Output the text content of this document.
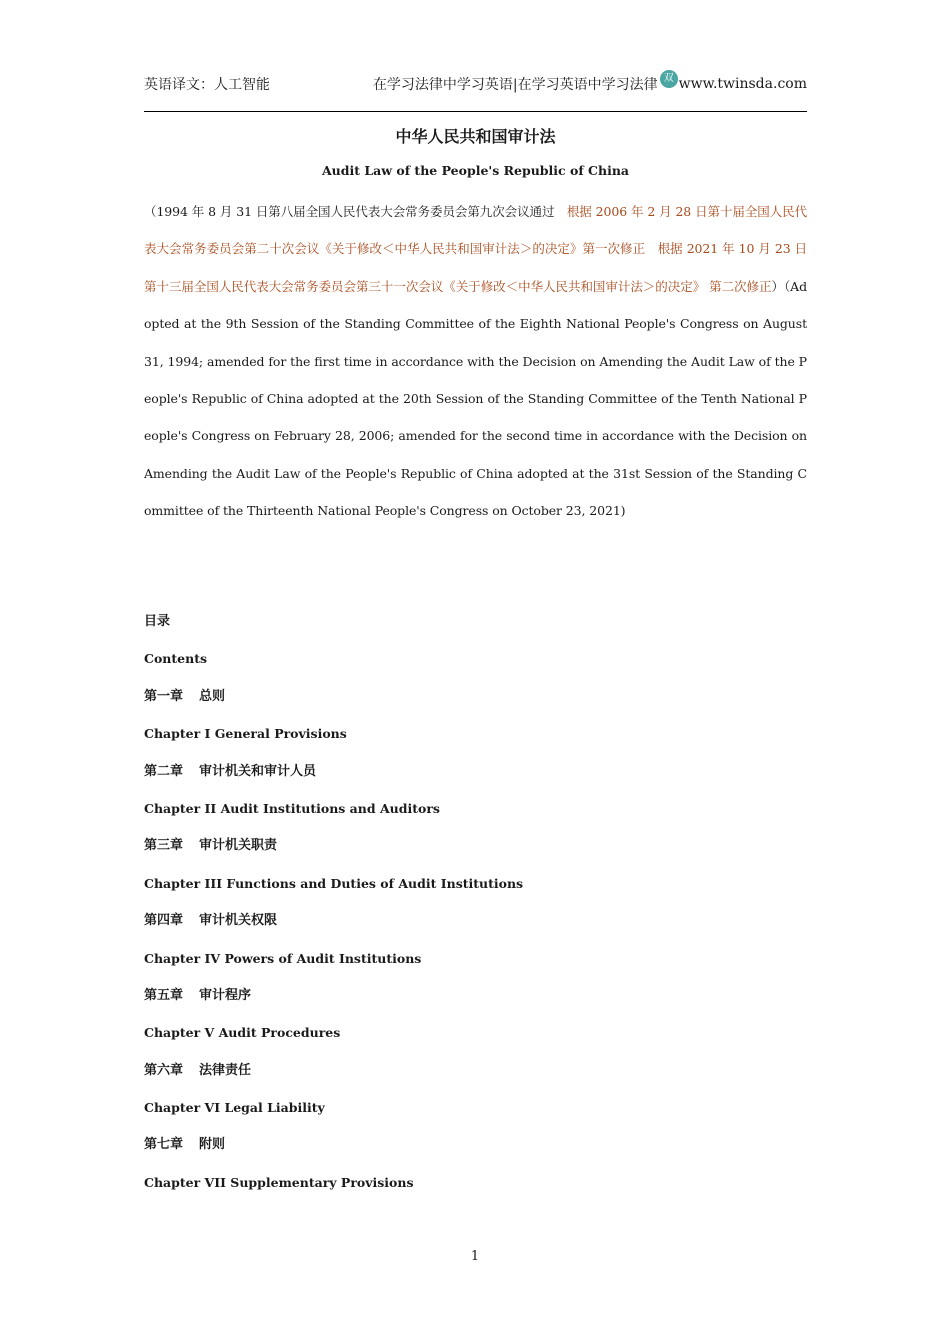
英语译文：人工智能	在学习法律中学习英语|在学习英语中学习法律 双 www.twinsda.com
中华人民共和国审计法
Audit Law of the People's Republic of China
（1994 年 8 月 31 日第八届全国人民代表大会常务委员会第九次会议通过　根据 2006 年 2 月 28 日第十届全国人民代表大会常务委员会第二十次会议《关于修改＜中华人民共和国审计法＞的决定》第一次修正　根据 2021 年 10 月 23 日第十三届全国人民代表大会常务委员会第三十一次会议《关于修改＜中华人民共和国审计法＞的决定》 第二次修正）（Adopted at the 9th Session of the Standing Committee of the Eighth National People's Congress on August 31, 1994; amended for the first time in accordance with the Decision on Amending the Audit Law of the People's Republic of China adopted at the 20th Session of the Standing Committee of the Tenth National People's Congress on February 28, 2006; amended for the second time in accordance with the Decision on Amending the Audit Law of the People's Republic of China adopted at the 31st Session of the Standing Committee of the Thirteenth National People's Congress on October 23, 2021)
目录
Contents
第一章 总则
Chapter I General Provisions
第二章 审计机关和审计人员
Chapter II Audit Institutions and Auditors
第三章 审计机关职责
Chapter III Functions and Duties of Audit Institutions
第四章 审计机关权限
Chapter IV Powers of Audit Institutions
第五章 审计程序
Chapter V Audit Procedures
第六章 法律责任
Chapter VI Legal Liability
第七章 附则
Chapter VII Supplementary Provisions
1
